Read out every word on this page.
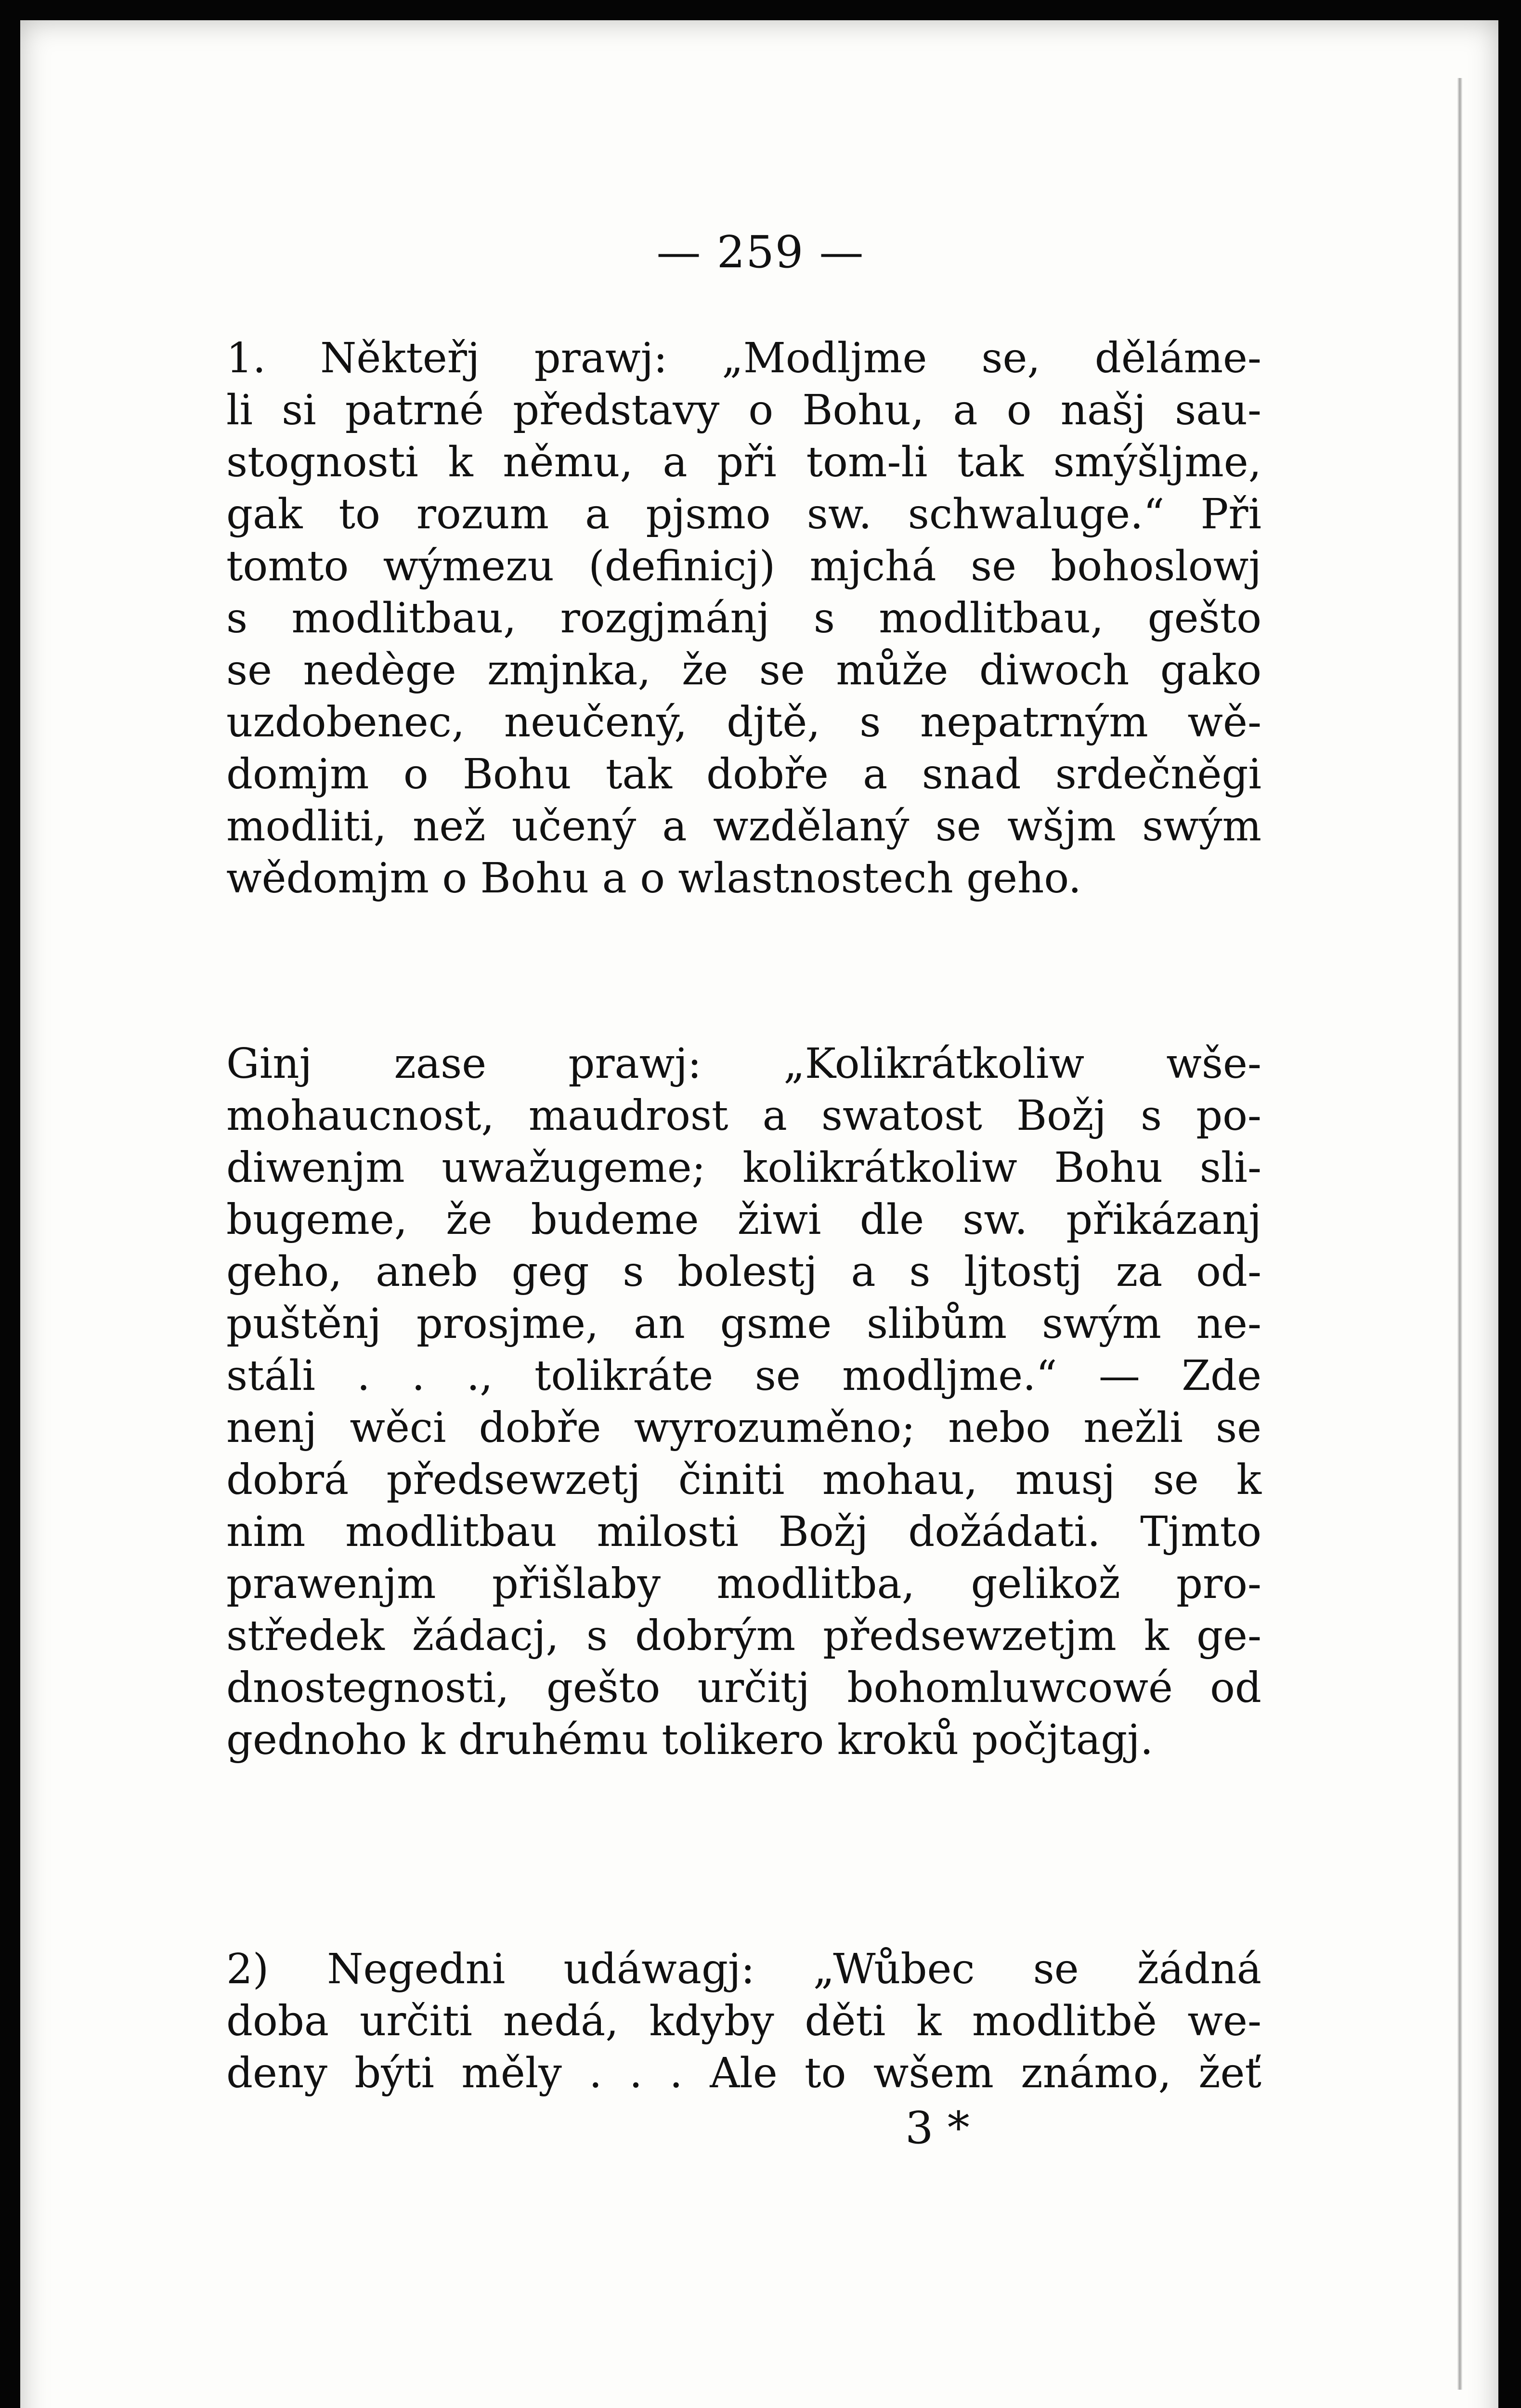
— 259 —

1. Někteřj prawj: „Modljme se, děláme-
li si patrné představy o Bohu, a o našj sau-
stognosti k němu, a při tom-li tak smýšljme,
gak to rozum a pjsmo sw. schwaluge.“ Při
tomto wýmezu (definicj) mjchá se bohoslowj
s modlitbau, rozgjmánj s modlitbau, gešto
se nedège zmjnka, že se může diwoch gako
uzdobenec, neučený, djtě, s nepatrným wě-
domjm o Bohu tak dobře a snad srdečněgi
modliti, než učený a wzdělaný se wšjm swým
wědomjm o Bohu a o wlastnostech geho.

Ginj zase prawj: „Kolikrátkoliw wše-
mohaucnost, maudrost a swatost Božj s po-
diwenjm uwažugeme; kolikrátkoliw Bohu sli-
bugeme, že budeme žiwi dle sw. přikázanj
geho, aneb geg s bolestj a s ljtostj za od-
puštěnj prosjme, an gsme slibům swým ne-
stáli . . ., tolikráte se modljme.“ — Zde
nenj wěci dobře wyrozuměno; nebo nežli se
dobrá předsewzetj činiti mohau, musj se k
nim modlitbau milosti Božj dožádati. Tjmto
prawenjm přišlaby modlitba, gelikož pro-
středek žádacj, s dobrým předsewzetjm k ge-
dnostegnosti, gešto určitj bohomluwcowé od
gednoho k druhému tolikero kroků počjtagj.

2) Negedni udáwagj: „Wůbec se žádná
doba určiti nedá, kdyby děti k modlitbě we-
deny býti měly . . . Ale to wšem známo, žeť

3 *
